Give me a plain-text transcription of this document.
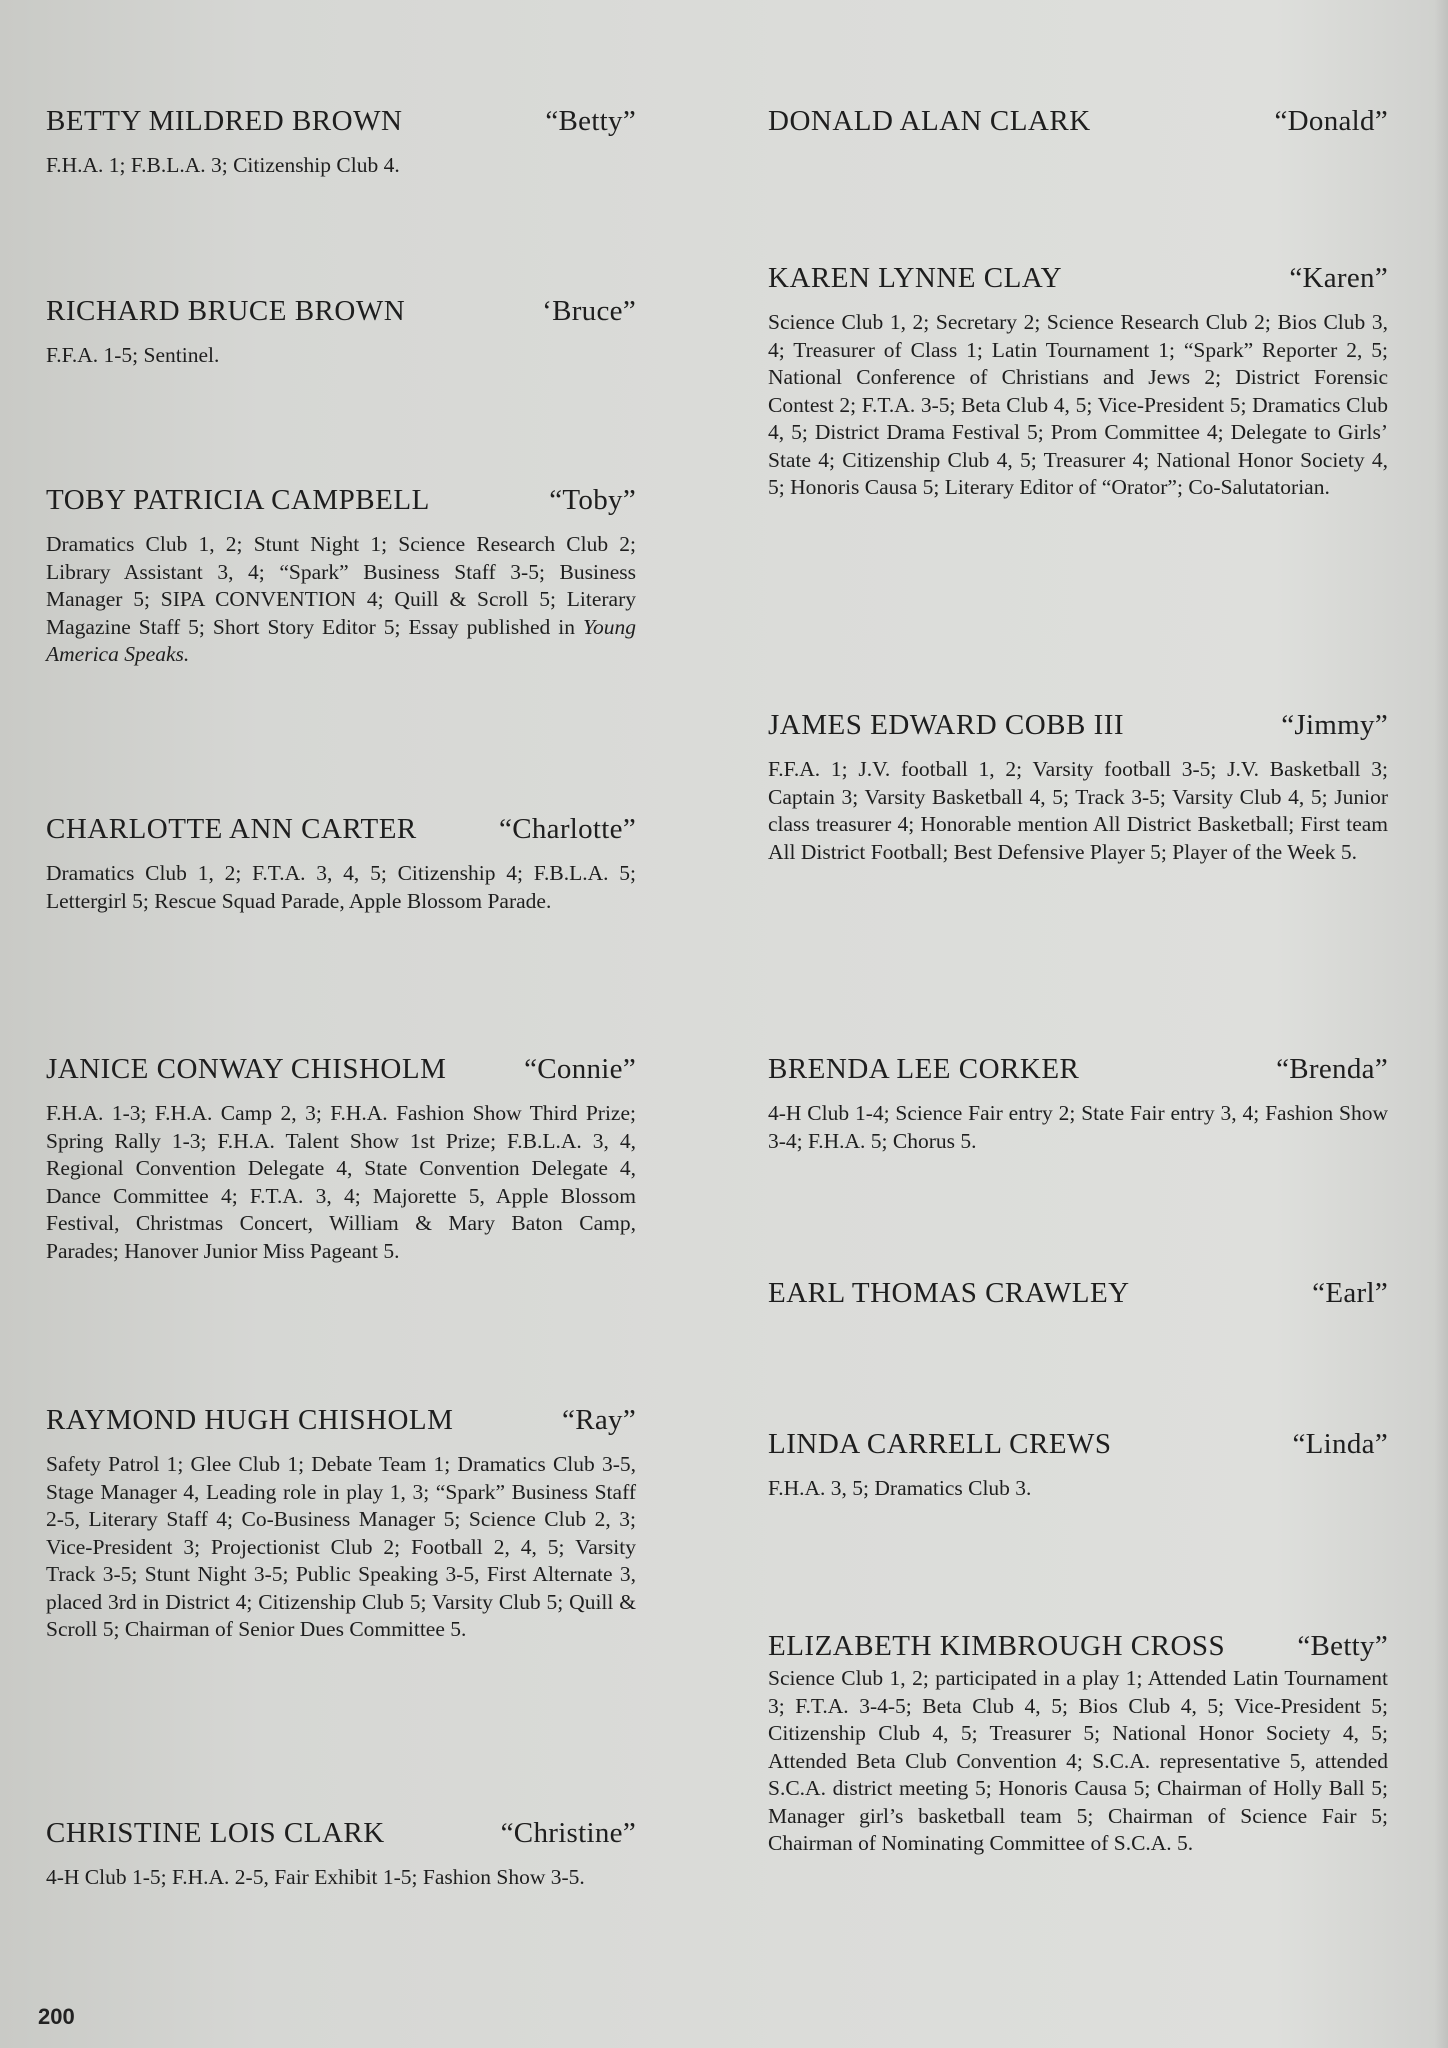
BETTY MILDRED BROWN	“Betty”
F.H.A. 1; F.B.L.A. 3; Citizenship Club 4.
RICHARD BRUCE BROWN	‘Bruce”
F.F.A. 1-5; Sentinel.
TOBY PATRICIA CAMPBELL	“Toby”
Dramatics Club 1, 2; Stunt Night 1; Science Research Club 2; Library Assistant 3, 4; “Spark” Business Staff 3-5; Business Manager 5; SIPA CONVENTION 4; Quill & Scroll 5; Literary Magazine Staff 5; Short Story Editor 5; Essay published in Young America Speaks.
CHARLOTTE ANN CARTER	“Charlotte”
Dramatics Club 1, 2; F.T.A. 3, 4, 5; Citizenship 4; F.B.L.A. 5; Lettergirl 5; Rescue Squad Parade, Apple Blossom Parade.
JANICE CONWAY CHISHOLM	“Connie”
F.H.A. 1-3; F.H.A. Camp 2, 3; F.H.A. Fashion Show Third Prize; Spring Rally 1-3; F.H.A. Talent Show 1st Prize; F.B.L.A. 3, 4, Regional Convention Delegate 4, State Convention Delegate 4, Dance Committee 4; F.T.A. 3, 4; Majorette 5, Apple Blossom Festival, Christmas Concert, William & Mary Baton Camp, Parades; Hanover Junior Miss Pageant 5.
RAYMOND HUGH CHISHOLM	“Ray”
Safety Patrol 1; Glee Club 1; Debate Team 1; Dramatics Club 3-5, Stage Manager 4, Leading role in play 1, 3; “Spark” Business Staff 2-5, Literary Staff 4; Co-Business Manager 5; Science Club 2, 3; Vice-President 3; Projectionist Club 2; Football 2, 4, 5; Varsity Track 3-5; Stunt Night 3-5; Public Speaking 3-5, First Alternate 3, placed 3rd in District 4; Citizenship Club 5; Varsity Club 5; Quill & Scroll 5; Chairman of Senior Dues Committee 5.
CHRISTINE LOIS CLARK	“Christine”
4-H Club 1-5; F.H.A. 2-5, Fair Exhibit 1-5; Fashion Show 3-5.
DONALD ALAN CLARK	“Donald”
KAREN LYNNE CLAY	“Karen”
Science Club 1, 2; Secretary 2; Science Research Club 2; Bios Club 3, 4; Treasurer of Class 1; Latin Tournament 1; “Spark” Reporter 2, 5; National Conference of Christians and Jews 2; District Forensic Contest 2; F.T.A. 3-5; Beta Club 4, 5; Vice-President 5; Dramatics Club 4, 5; District Drama Festival 5; Prom Committee 4; Delegate to Girls’ State 4; Citizenship Club 4, 5; Treasurer 4; National Honor Society 4, 5; Honoris Causa 5; Literary Editor of “Orator”; Co-Salutatorian.
JAMES EDWARD COBB III	“Jimmy”
F.F.A. 1; J.V. football 1, 2; Varsity football 3-5; J.V. Basketball 3; Captain 3; Varsity Basketball 4, 5; Track 3-5; Varsity Club 4, 5; Junior class treasurer 4; Honorable mention All District Basketball; First team All District Football; Best Defensive Player 5; Player of the Week 5.
BRENDA LEE CORKER	“Brenda”
4-H Club 1-4; Science Fair entry 2; State Fair entry 3, 4; Fashion Show 3-4; F.H.A. 5; Chorus 5.
EARL THOMAS CRAWLEY	“Earl”
LINDA CARRELL CREWS	“Linda”
F.H.A. 3, 5; Dramatics Club 3.
ELIZABETH KIMBROUGH CROSS “Betty”
Science Club 1, 2; participated in a play 1; Attended Latin Tournament 3; F.T.A. 3-4-5; Beta Club 4, 5; Bios Club 4, 5; Vice-President 5; Citizenship Club 4, 5; Treasurer 5; National Honor Society 4, 5; Attended Beta Club Convention 4; S.C.A. representative 5, attended S.C.A. district meeting 5; Honoris Causa 5; Chairman of Holly Ball 5; Manager girl’s basketball team 5; Chairman of Science Fair 5; Chairman of Nominating Committee of S.C.A. 5.
200
